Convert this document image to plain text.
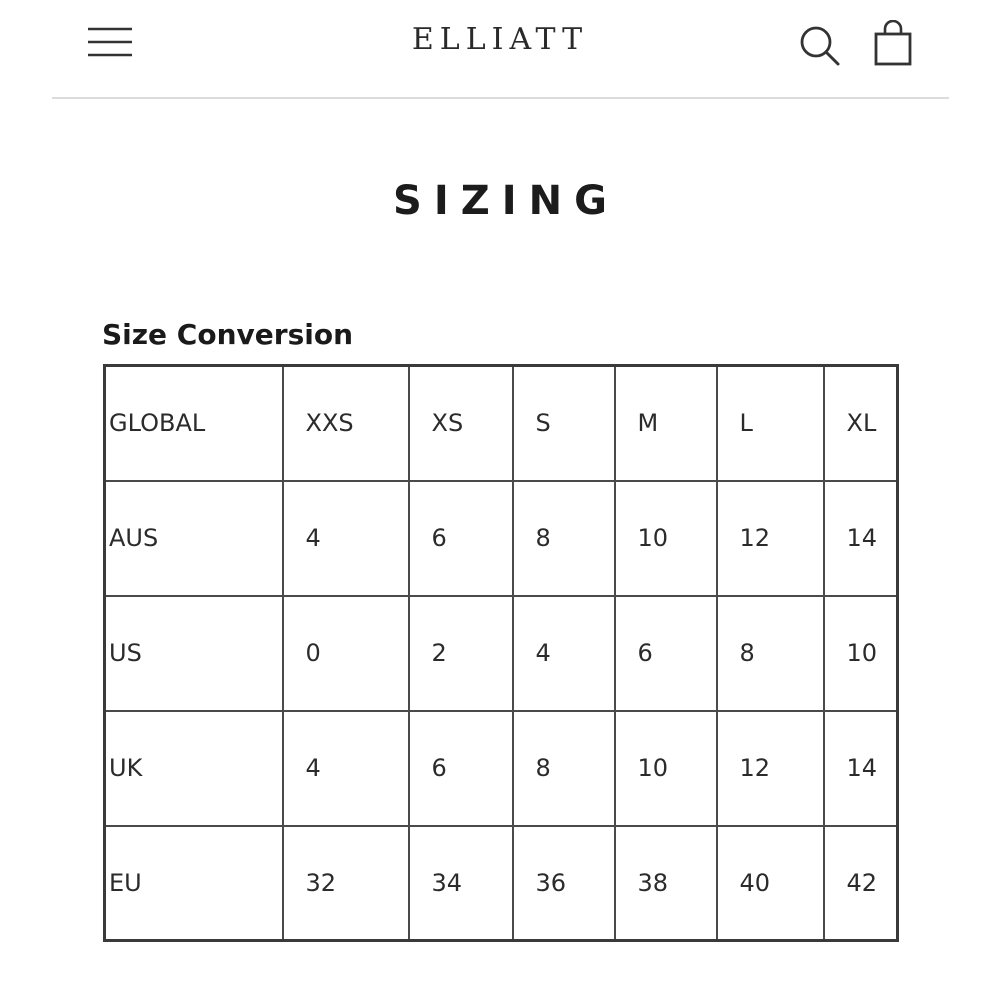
ELLIATT
SIZING
Size Conversion
GLOBAL	XXS	XS	S	M	L	XL
AUS	4	6	8	10	12	14
US	0	2	4	6	8	10
UK	4	6	8	10	12	14
EU	32	34	36	38	40	42
